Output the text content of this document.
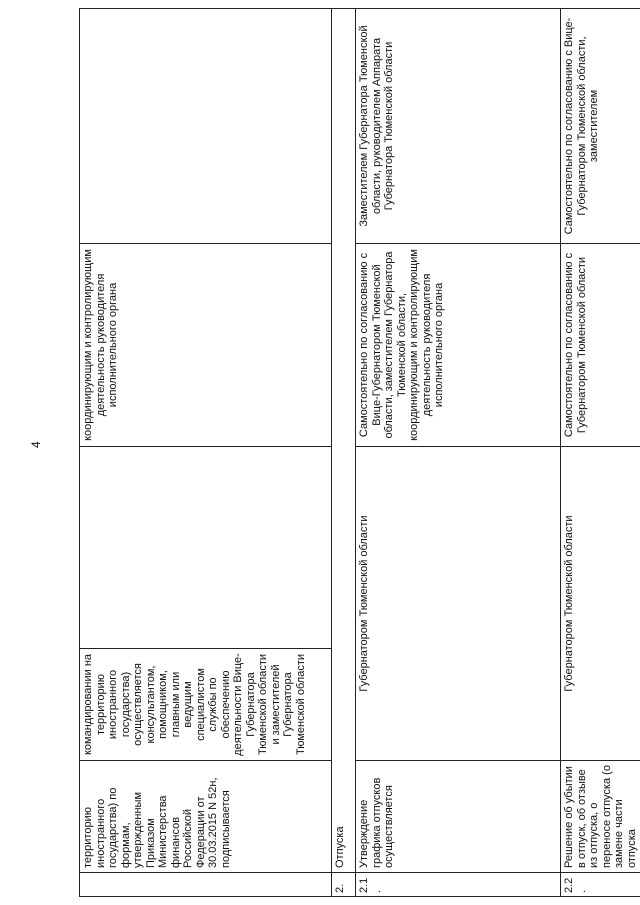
4
	территорию иностранного государства) по формам, утвержденным Приказом Министерства финансов Российской Федерации от 30.03.2015 N 52н, подписывается	командировании на территорию иностранного государства) осуществляется консультантом, помощником, главным или ведущим специалистом службы по обеспечению деятельности Вице-Губернатора Тюменской области и заместителей Губернатора Тюменской области		координирующим и контролирующим деятельность руководителя исполнительного органа	
2.	Отпуска				
2.1.	Утверждение графика отпусков осуществляется	Губернатором Тюменской области		Самостоятельно по согласованию с Вице-Губернатором Тюменской области, заместителем Губернатора Тюменской области, координирующим и контролирующим деятельность руководителя исполнительного органа	Заместителем Губернатора Тюменской области, руководителем Аппарата Губернатора Тюменской области
2.2.	Решение об убытии в отпуск, об отзыве из отпуска, о переносе отпуска (о замене части отпуска	Губернатором Тюменской области		Самостоятельно по согласованию с Губернатором Тюменской области	Самостоятельно по согласованию с Вице-Губернатором Тюменской области, заместителем
